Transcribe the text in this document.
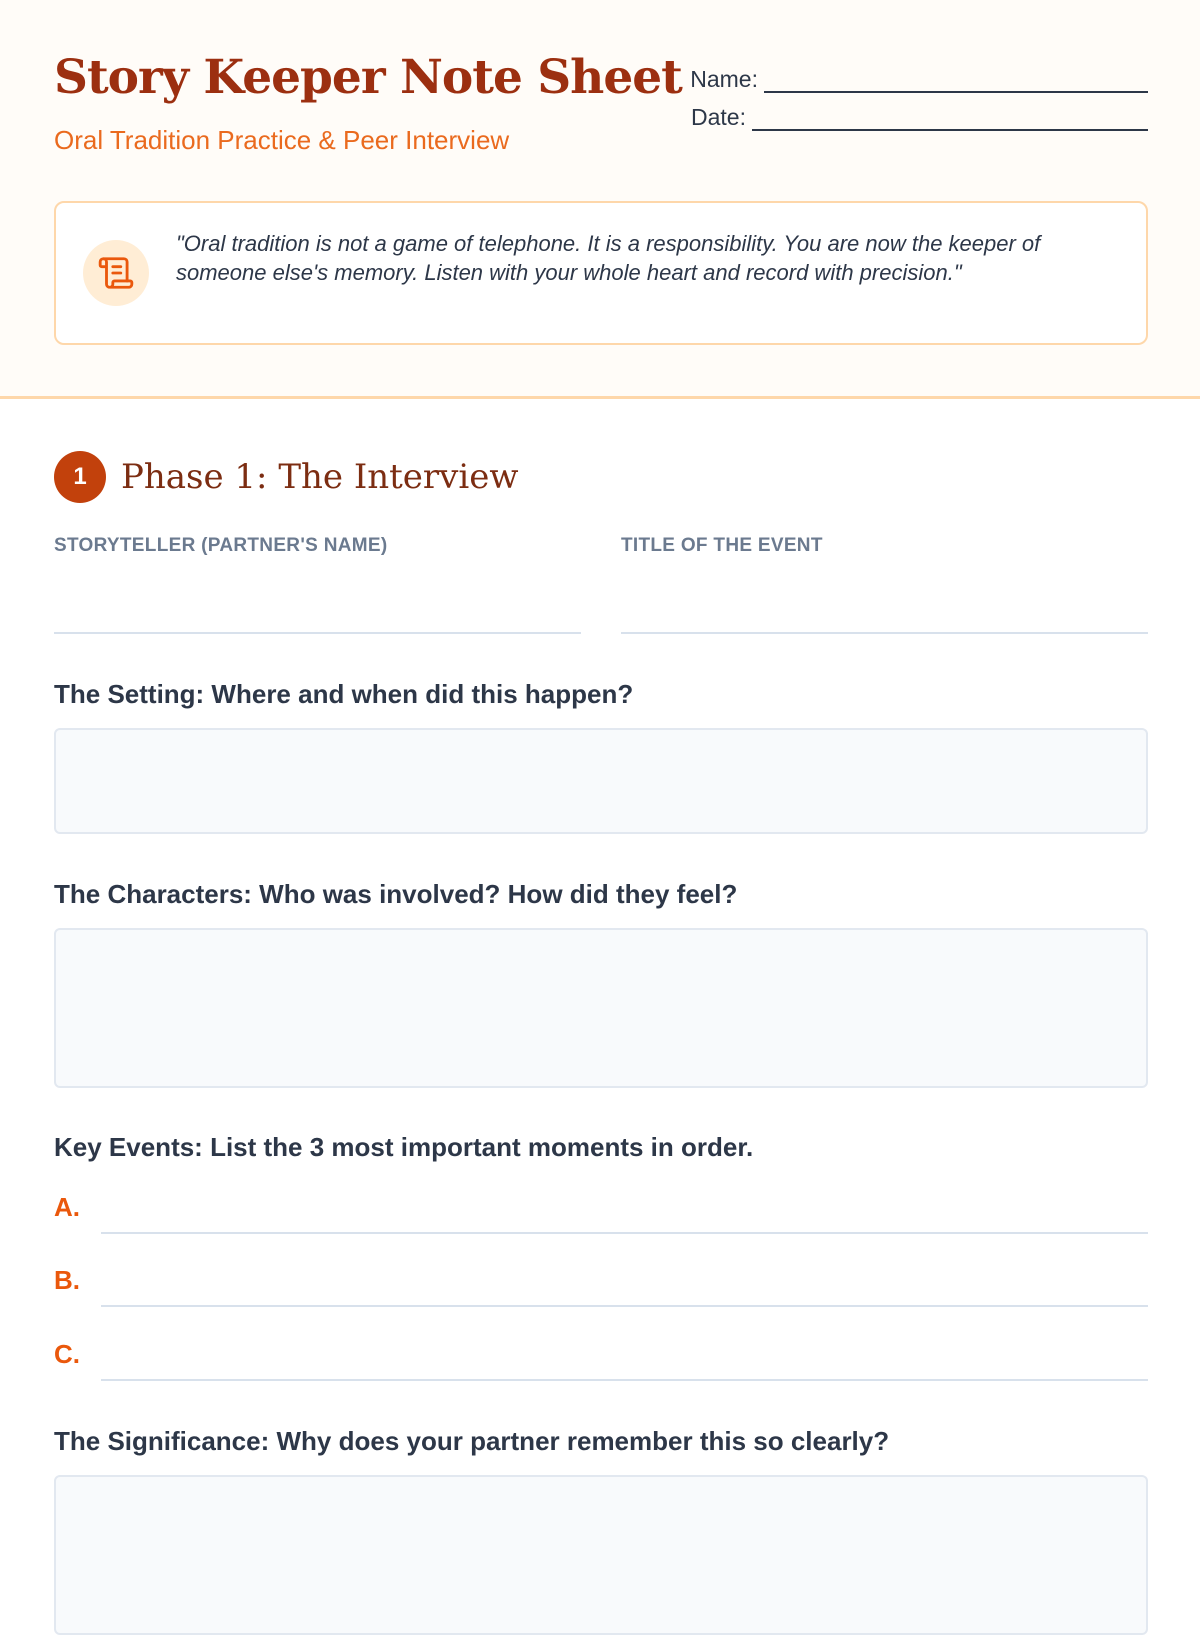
Story Keeper Note Sheet
Oral Tradition Practice & Peer Interview
Name:
Date:
"Oral tradition is not a game of telephone. It is a responsibility. You are now the keeper of someone else's memory. Listen with your whole heart and record with precision."
1	Phase 1: The Interview
STORYTELLER (PARTNER'S NAME)	TITLE OF THE EVENT
The Setting: Where and when did this happen?
The Characters: Who was involved? How did they feel?
Key Events: List the 3 most important moments in order.
A.
B.
C.
The Significance: Why does your partner remember this so clearly?
